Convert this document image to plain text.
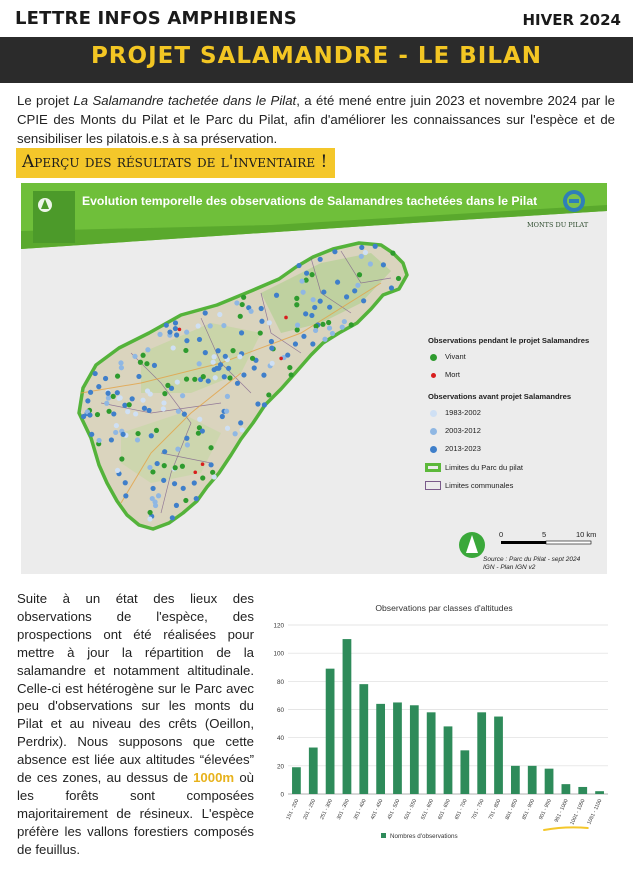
LETTRE INFOS AMPHIBIENS	HIVER 2024
PROJET SALAMANDRE - LE BILAN

Le projet La Salamandre tachetée dans le Pilat, a été mené entre juin 2023 et novembre 2024 par le CPIE des Monts du Pilat et le Parc du Pilat, afin d'améliorer les connaissances sur l'espèce et de sensibiliser les pilatois.e.s à sa préservation.

Aperçu des résultats de l'inventaire !
Evolution temporelle des observations de Salamandres tachetées dans le Pilat
MONTS DU PILAT
Observations pendant le projet Salamandres
Vivant
Mort
Observations avant projet Salamandres
1983-2002
2003-2012
2013-2023
Limites du Parc du pilat
Limites communales
0	5	10 km
Source : Parc du Pilat - sept 2024
IGN - Plan IGN v2

Suite à un état des lieux des observations de l'espèce, des prospections ont été réalisées pour mettre à jour la répartition de la salamandre et notamment altitudinale. Celle-ci est hétérogène sur le Parc avec peu d'observations sur les monts du Pilat et au niveau des crêts (Oeillon, Perdrix). Nous supposons que cette absence est liée aux altitudes “élevées” de ces zones, au dessus de 1000m où les forêts sont composées majoritairement de résineux. L'espèce préfère les vallons forestiers composés de feuillus.

Observations par classes d'altitudes
0
20
40
60
80
100
120
151 - 200 201 - 250 251 - 300 301 - 350 351 - 400 401 - 450 451 - 500 501 - 550 551 - 600 601 - 650 651 - 700 701 - 750 751 - 800 801 - 850 851 - 900 901 - 950 951 - 1000 1001 - 1050 1051 - 1100
Nombres d'observations
